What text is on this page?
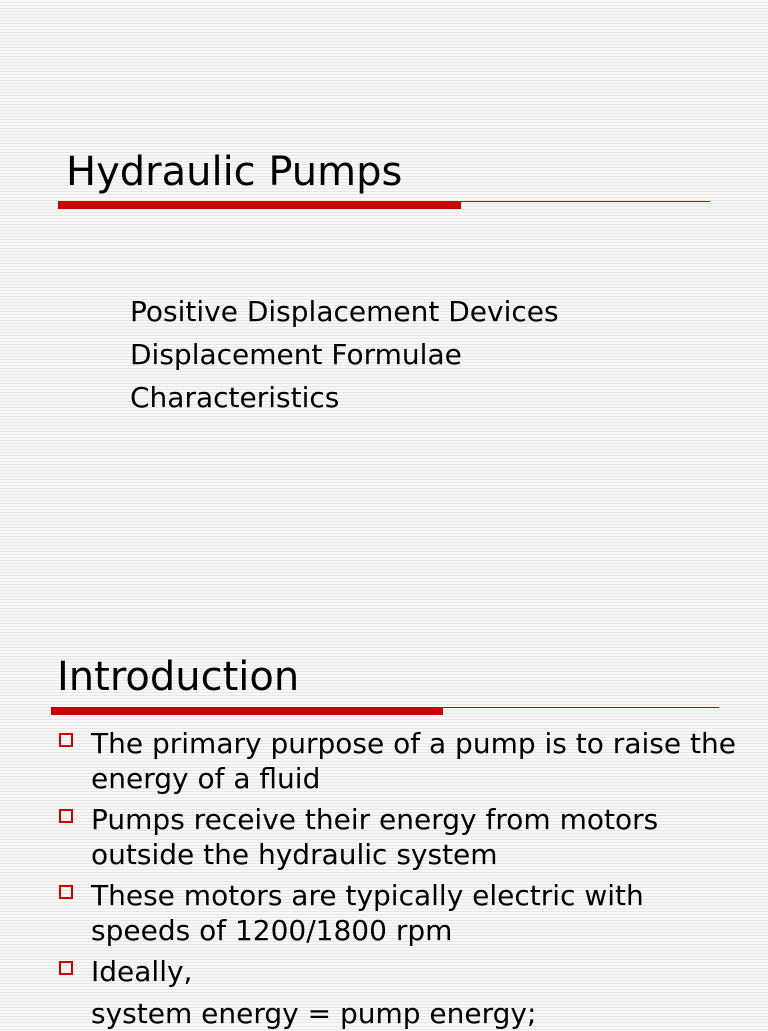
Hydraulic Pumps
Positive Displacement Devices
Displacement Formulae
Characteristics
Introduction
The primary purpose of a pump is to raise the energy of a fluid
Pumps receive their energy from motors outside the hydraulic system
These motors are typically electric with speeds of 1200/1800 rpm
Ideally,
system energy = pump energy;
